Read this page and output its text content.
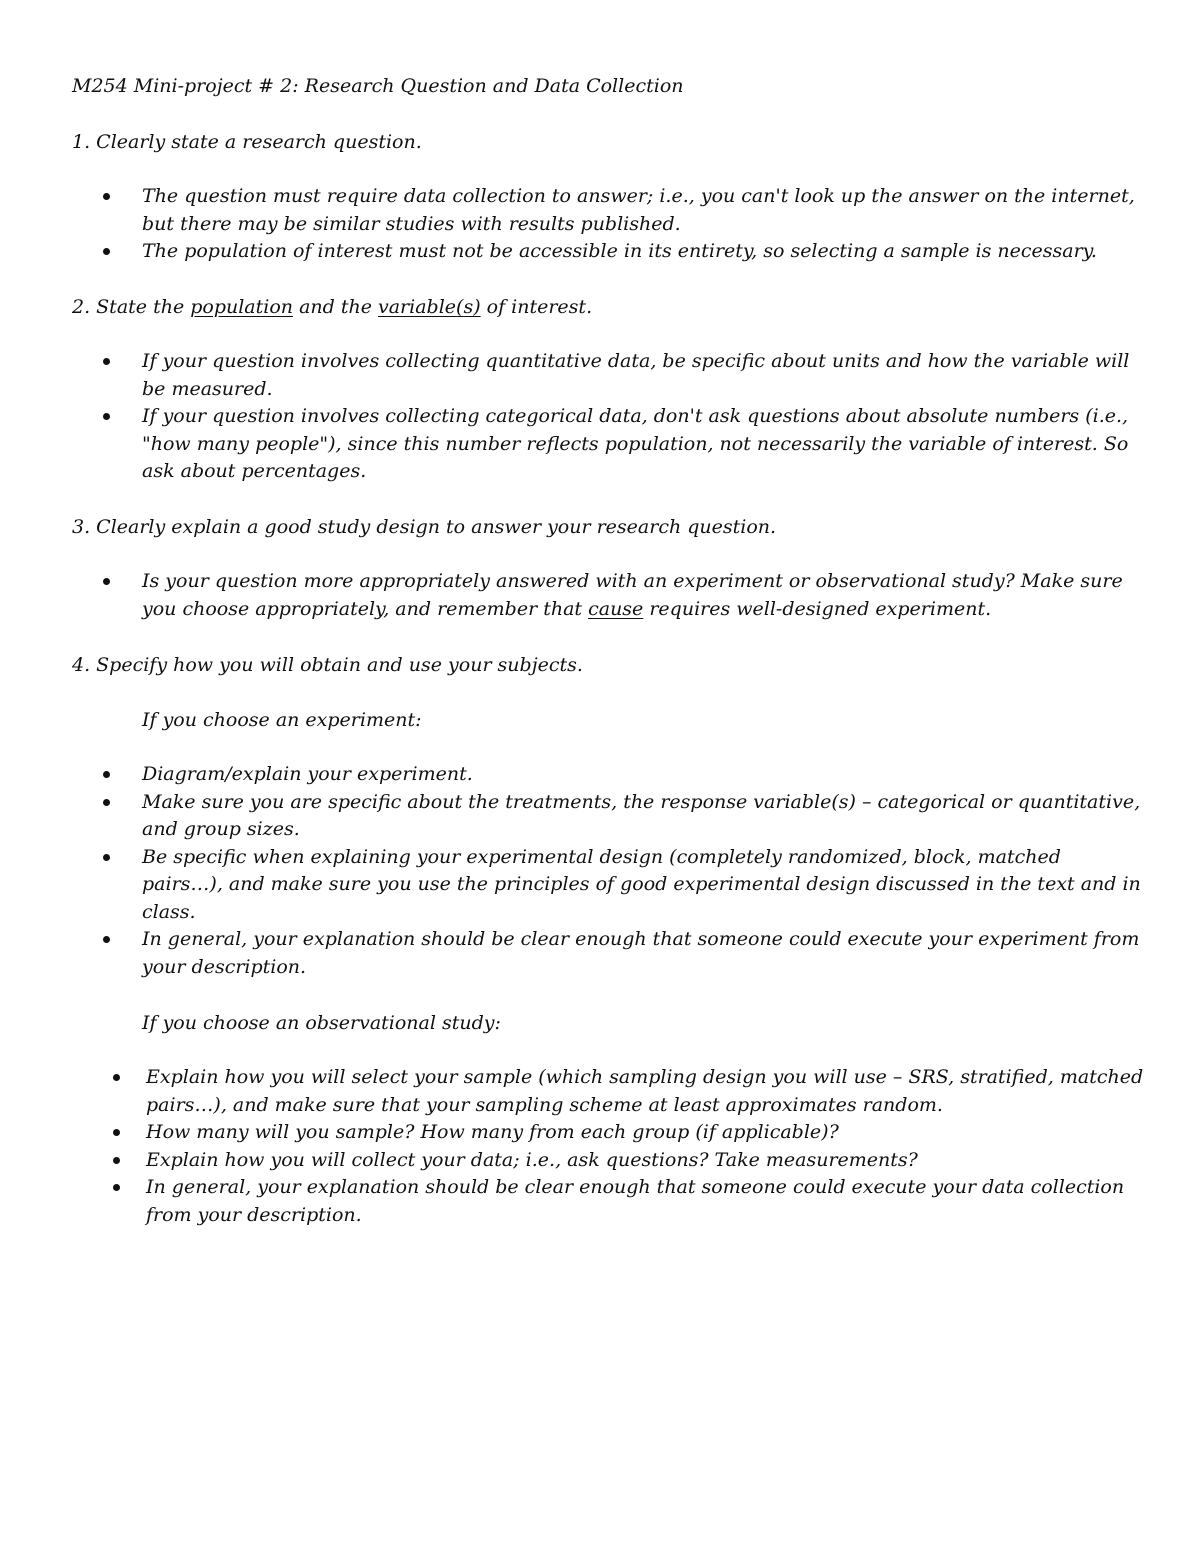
M254 Mini-project # 2: Research Question and Data Collection

1. Clearly state a research question.

The question must require data collection to answer; i.e., you can't look up the answer on the internet, but there may be similar studies with results published.
The population of interest must not be accessible in its entirety, so selecting a sample is necessary.

2. State the population and the variable(s) of interest.

If your question involves collecting quantitative data, be specific about units and how the variable will be measured.
If your question involves collecting categorical data, don't ask questions about absolute numbers (i.e., "how many people"), since this number reflects population, not necessarily the variable of interest. So ask about percentages.

3. Clearly explain a good study design to answer your research question.

Is your question more appropriately answered with an experiment or observational study? Make sure you choose appropriately, and remember that cause requires well-designed experiment.

4. Specify how you will obtain and use your subjects.

If you choose an experiment:

Diagram/explain your experiment.
Make sure you are specific about the treatments, the response variable(s) – categorical or quantitative, and group sizes.
Be specific when explaining your experimental design (completely randomized, block, matched pairs…), and make sure you use the principles of good experimental design discussed in the text and in class.
In general, your explanation should be clear enough that someone could execute your experiment from your description.

If you choose an observational study:

Explain how you will select your sample (which sampling design you will use – SRS, stratified, matched pairs…), and make sure that your sampling scheme at least approximates random.
How many will you sample? How many from each group (if applicable)?
Explain how you will collect your data; i.e., ask questions? Take measurements?
In general, your explanation should be clear enough that someone could execute your data collection from your description.
